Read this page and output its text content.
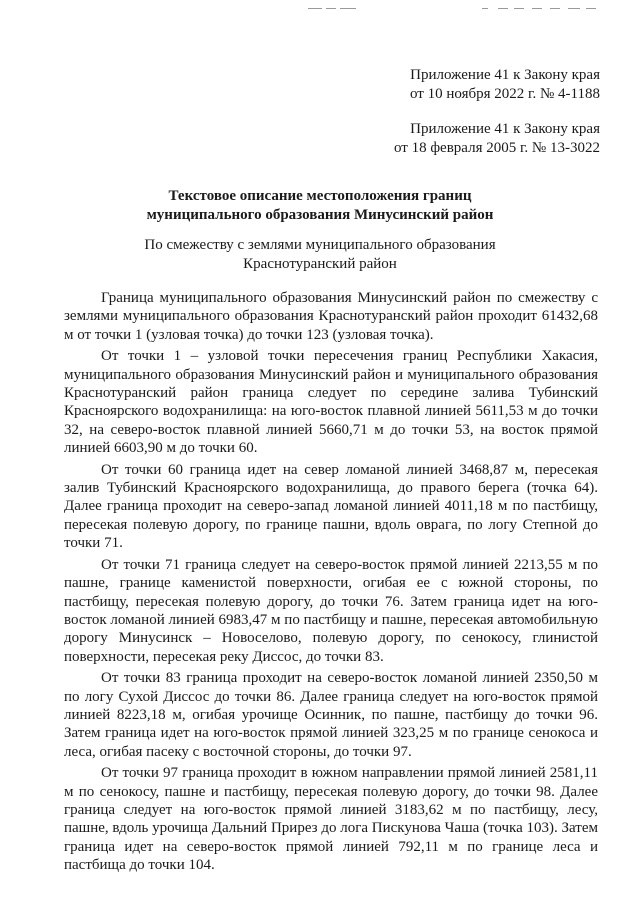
Приложение 41 к Закону края
от 10 ноября 2022 г. № 4-1188
Приложение 41 к Закону края
от 18 февраля 2005 г. № 13-3022
Текстовое описание местоположения границ
муниципального образования Минусинский район
По смежеству с землями муниципального образования
Краснотуранский район

Граница муниципального образования Минусинский район по смежеству с землями муниципального образования Краснотуранский район проходит 61432,68 м от точки 1 (узловая точка) до точки 123 (узловая точка).

От точки 1 – узловой точки пересечения границ Республики Хакасия, муниципального образования Минусинский район и муниципального образования Краснотуранский район граница следует по середине залива Тубинский Красноярского водохранилища: на юго-восток плавной линией 5611,53 м до точки 32, на северо-восток плавной линией 5660,71 м до точки 53, на восток прямой линией 6603,90 м до точки 60.

От точки 60 граница идет на север ломаной линией 3468,87 м, пересекая залив Тубинский Красноярского водохранилища, до правого берега (точка 64). Далее граница проходит на северо-запад ломаной линией 4011,18 м по пастбищу, пересекая полевую дорогу, по границе пашни, вдоль оврага, по логу Степной до точки 71.

От точки 71 граница следует на северо-восток прямой линией 2213,55 м по пашне, границе каменистой поверхности, огибая ее с южной стороны, по пастбищу, пересекая полевую дорогу, до точки 76. Затем граница идет на юго-восток ломаной линией 6983,47 м по пастбищу и пашне, пересекая автомобильную дорогу Минусинск – Новоселово, полевую дорогу, по сенокосу, глинистой поверхности, пересекая реку Диссос, до точки 83.

От точки 83 граница проходит на северо-восток ломаной линией 2350,50 м по логу Сухой Диссос до точки 86. Далее граница следует на юго-восток прямой линией 8223,18 м, огибая урочище Осинник, по пашне, пастбищу до точки 96. Затем граница идет на юго-восток прямой линией 323,25 м по границе сенокоса и леса, огибая пасеку с восточной стороны, до точки 97.

От точки 97 граница проходит в южном направлении прямой линией 2581,11 м по сенокосу, пашне и пастбищу, пересекая полевую дорогу, до точки 98. Далее граница следует на юго-восток прямой линией 3183,62 м по пастбищу, лесу, пашне, вдоль урочища Дальний Прирез до лога Пискунова Чаша (точка 103). Затем граница идет на северо-восток прямой линией 792,11 м по границе леса и пастбища до точки 104.
